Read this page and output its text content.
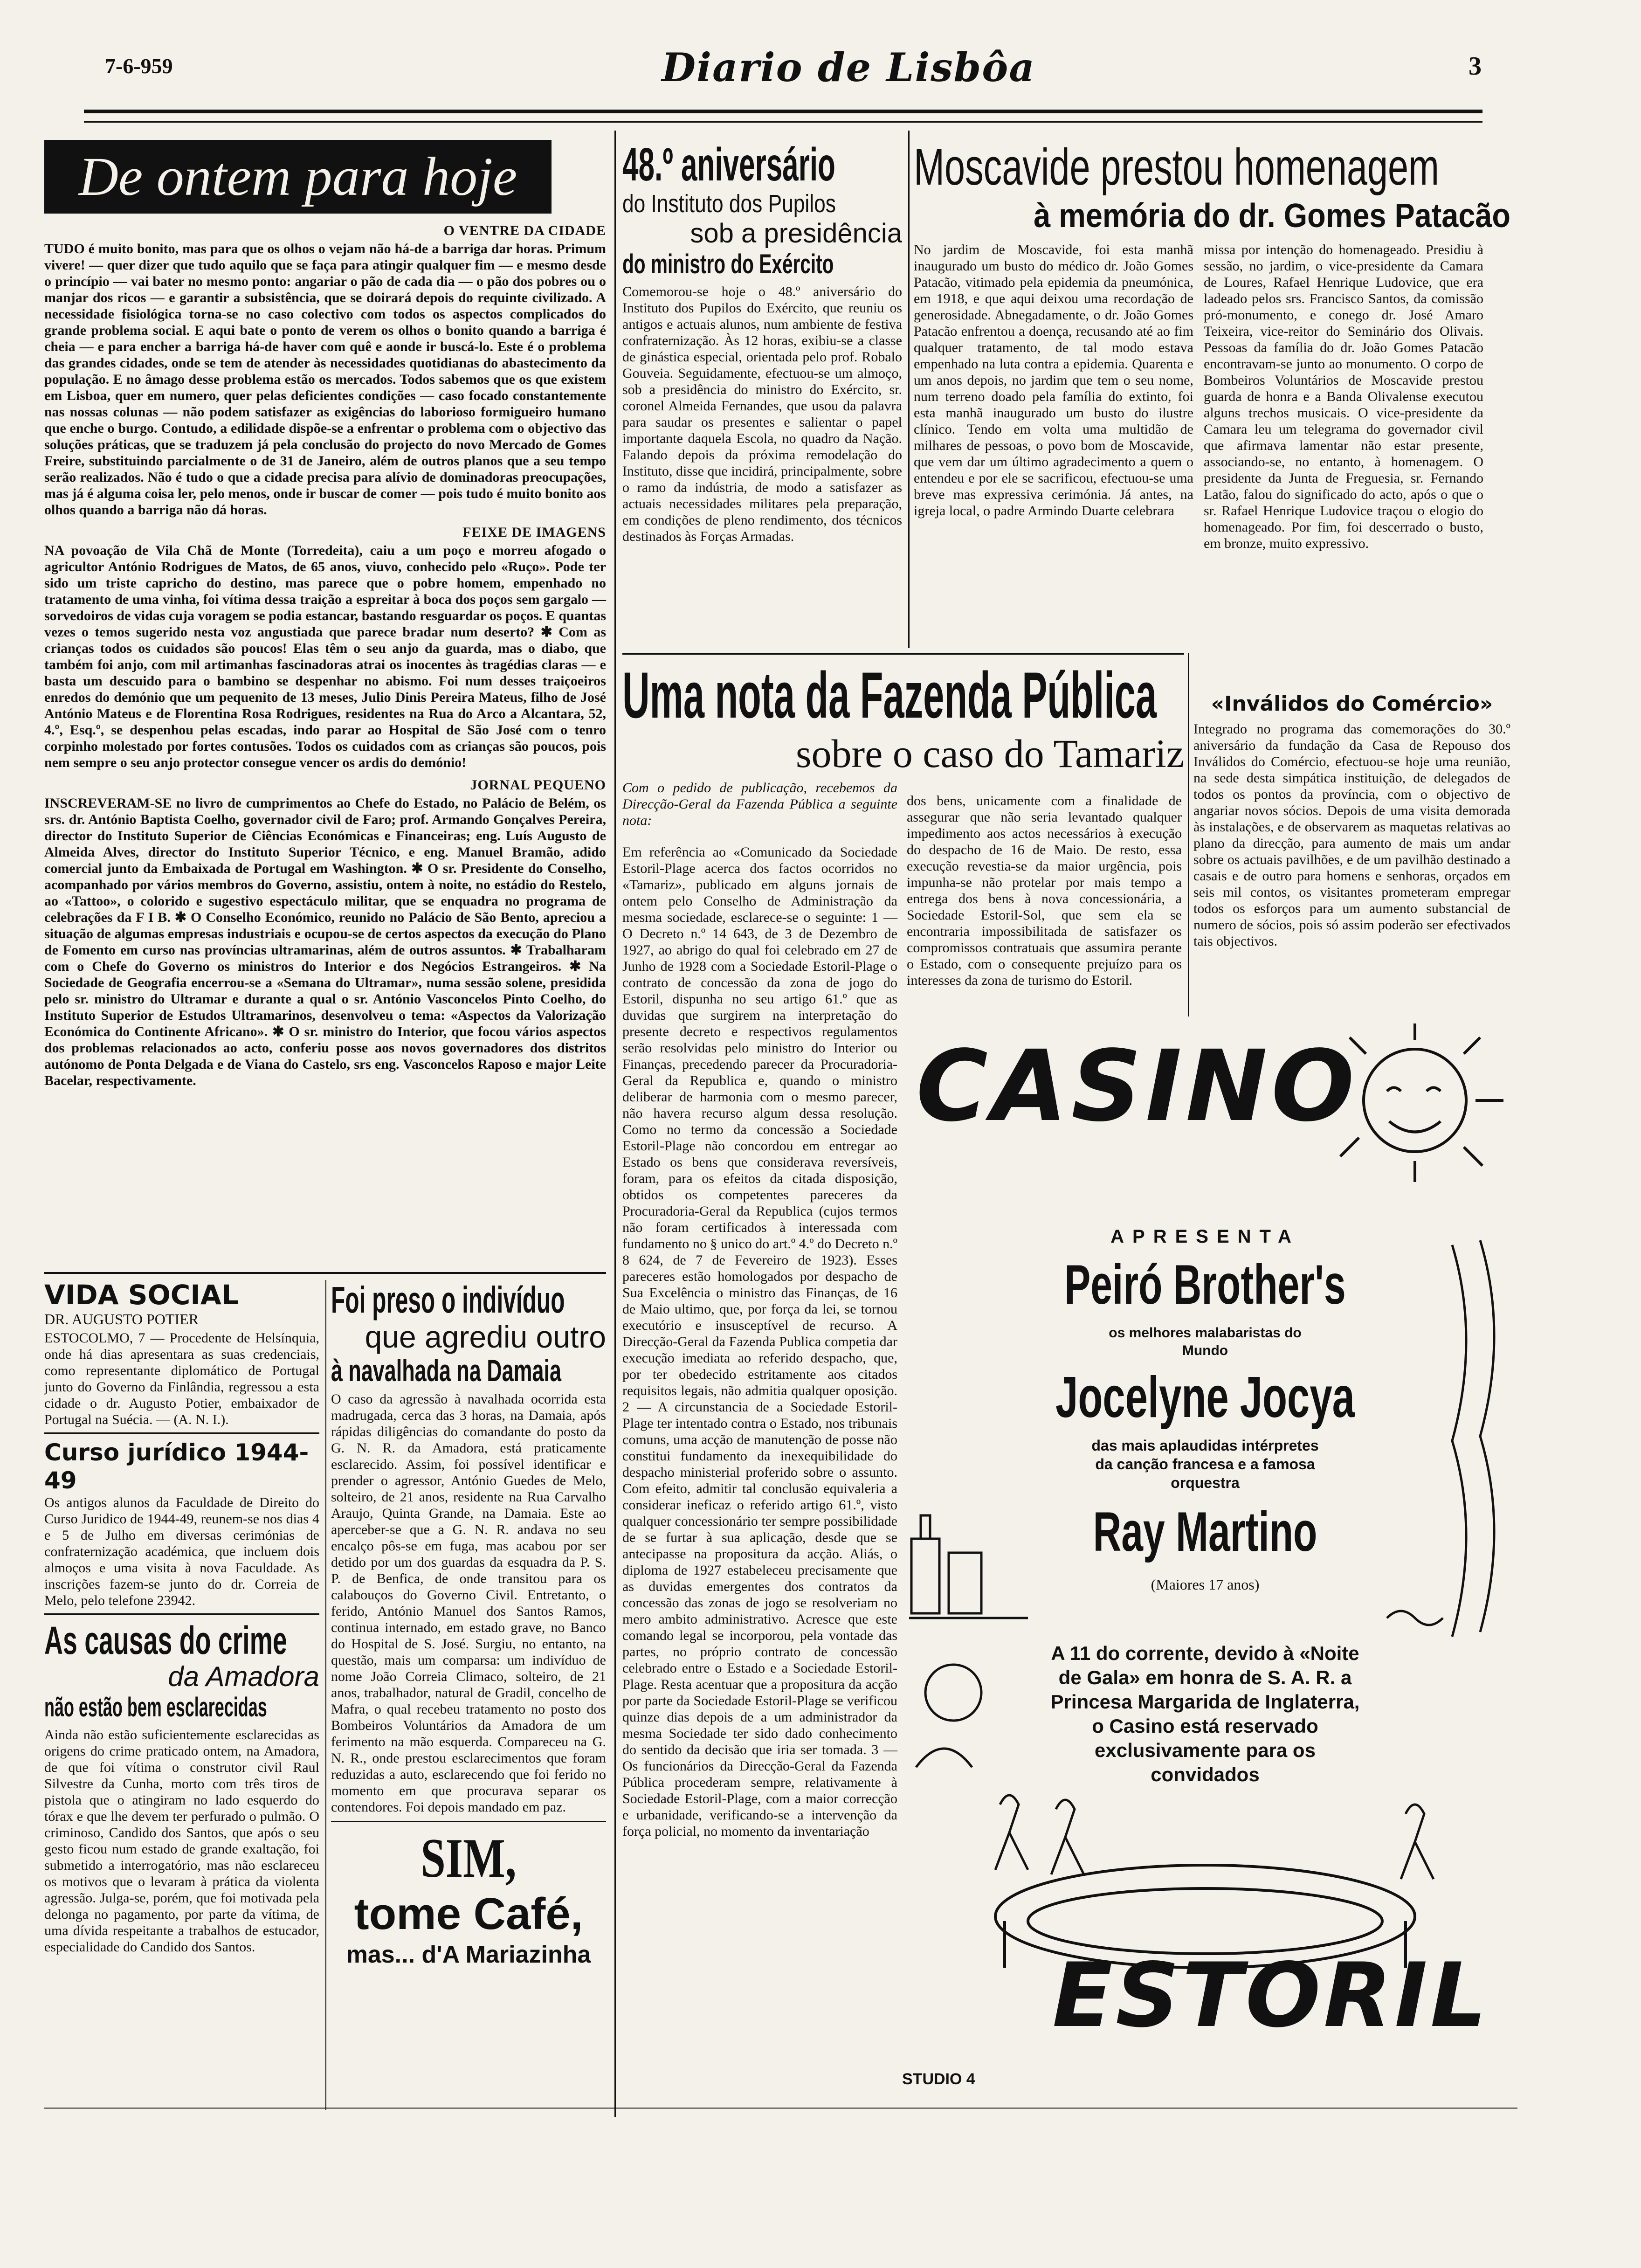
7-6-959	Diario de Lisbôa	3
De ontem para hoje
O VENTRE DA CIDADE
TUDO é muito bonito, mas para que os olhos o vejam não há-de a barriga dar horas. Primum vivere! — quer dizer que tudo aquilo que se faça para atingir qualquer fim — e mesmo desde o princípio — vai bater no mesmo ponto: angariar o pão de cada dia — o pão dos pobres ou o manjar dos ricos — e garantir a subsistência, que se doirará depois do requinte civilizado. A necessidade fisiológica torna-se no caso colectivo com todos os aspectos complicados do grande problema social. E aqui bate o ponto de verem os olhos o bonito quando a barriga é cheia — e para encher a barriga há-de haver com quê e aonde ir buscá-lo. Este é o problema das grandes cidades, onde se tem de atender às necessidades quotidianas do abastecimento da população. E no âmago desse problema estão os mercados. Todos sabemos que os que existem em Lisboa, quer em numero, quer pelas deficientes condições — caso focado constantemente nas nossas colunas — não podem satisfazer as exigências do laborioso formigueiro humano que enche o burgo. Contudo, a edilidade dispõe-se a enfrentar o problema com o objectivo das soluções práticas, que se traduzem já pela conclusão do projecto do novo Mercado de Gomes Freire, substituindo parcialmente o de 31 de Janeiro, além de outros planos que a seu tempo serão realizados. Não é tudo o que a cidade precisa para alívio de dominadoras preocupações, mas já é alguma coisa ler, pelo menos, onde ir buscar de comer — pois tudo é muito bonito aos olhos quando a barriga não dá horas.
FEIXE DE IMAGENS
NA povoação de Vila Chã de Monte (Torredeita), caiu a um poço e morreu afogado o agricultor António Rodrigues de Matos, de 65 anos, viuvo, conhecido pelo «Ruço». Pode ter sido um triste capricho do destino, mas parece que o pobre homem, empenhado no tratamento de uma vinha, foi vítima dessa traição a espreitar à boca dos poços sem gargalo — sorvedoiros de vidas cuja voragem se podia estancar, bastando resguardar os poços. E quantas vezes o temos sugerido nesta voz angustiada que parece bradar num deserto? ✱ Com as crianças todos os cuidados são poucos! Elas têm o seu anjo da guarda, mas o diabo, que também foi anjo, com mil artimanhas fascinadoras atrai os inocentes às tragédias claras — e basta um descuido para o bambino se despenhar no abismo. Foi num desses traiçoeiros enredos do demónio que um pequenito de 13 meses, Julio Dinis Pereira Mateus, filho de José António Mateus e de Florentina Rosa Rodrigues, residentes na Rua do Arco a Alcantara, 52, 4.º, Esq.º, se despenhou pelas escadas, indo parar ao Hospital de São José com o tenro corpinho molestado por fortes contusões. Todos os cuidados com as crianças são poucos, pois nem sempre o seu anjo protector consegue vencer os ardis do demónio!
JORNAL PEQUENO
INSCREVERAM-SE no livro de cumprimentos ao Chefe do Estado, no Palácio de Belém, os srs. dr. António Baptista Coelho, governador civil de Faro; prof. Armando Gonçalves Pereira, director do Instituto Superior de Ciências Económicas e Financeiras; eng. Luís Augusto de Almeida Alves, director do Instituto Superior Técnico, e eng. Manuel Bramão, adido comercial junto da Embaixada de Portugal em Washington. ✱ O sr. Presidente do Conselho, acompanhado por vários membros do Governo, assistiu, ontem à noite, no estádio do Restelo, ao «Tattoo», o colorido e sugestivo espectáculo militar, que se enquadra no programa de celebrações da F I B. ✱ O Conselho Económico, reunido no Palácio de São Bento, apreciou a situação de algumas empresas industriais e ocupou-se de certos aspectos da execução do Plano de Fomento em curso nas províncias ultramarinas, além de outros assuntos. ✱ Trabalharam com o Chefe do Governo os ministros do Interior e dos Negócios Estrangeiros. ✱ Na Sociedade de Geografia encerrou-se a «Semana do Ultramar», numa sessão solene, presidida pelo sr. ministro do Ultramar e durante a qual o sr. António Vasconcelos Pinto Coelho, do Instituto Superior de Estudos Ultramarinos, desenvolveu o tema: «Aspectos da Valorização Económica do Continente Africano». ✱ O sr. ministro do Interior, que focou vários aspectos dos problemas relacionados ao acto, conferiu posse aos novos governadores dos distritos autónomo de Ponta Delgada e de Viana do Castelo, srs eng. Vasconcelos Raposo e major Leite Bacelar, respectivamente.
VIDA SOCIAL
DR. AUGUSTO POTIER
ESTOCOLMO, 7 — Procedente de Helsínquia, onde há dias apresentara as suas credenciais, como representante diplomático de Portugal junto do Governo da Finlândia, regressou a esta cidade o dr. Augusto Potier, embaixador de Portugal na Suécia. — (A. N. I.).
Curso jurídico 1944-49
Os antigos alunos da Faculdade de Direito do Curso Juridico de 1944-49, reunem-se nos dias 4 e 5 de Julho em diversas cerimónias de confraternização académica, que incluem dois almoços e uma visita à nova Faculdade. As inscrições fazem-se junto do dr. Correia de Melo, pelo telefone 23942.
As causas do crime
da Amadora
não estão bem esclarecidas
Ainda não estão suficientemente esclarecidas as origens do crime praticado ontem, na Amadora, de que foi vítima o construtor civil Raul Silvestre da Cunha, morto com três tiros de pistola que o atingiram no lado esquerdo do tórax e que lhe devem ter perfurado o pulmão. O criminoso, Candido dos Santos, que após o seu gesto ficou num estado de grande exaltação, foi submetido a interrogatório, mas não esclareceu os motivos que o levaram à prática da violenta agressão. Julga-se, porém, que foi motivada pela delonga no pagamento, por parte da vítima, de uma dívida respeitante a trabalhos de estucador, especialidade do Candido dos Santos.
Foi preso o indivíduo
que agrediu outro
à navalhada na Damaia
O caso da agressão à navalhada ocorrida esta madrugada, cerca das 3 horas, na Damaia, após rápidas diligências do comandante do posto da G. N. R. da Amadora, está praticamente esclarecido. Assim, foi possível identificar e prender o agressor, António Guedes de Melo, solteiro, de 21 anos, residente na Rua Carvalho Araujo, Quinta Grande, na Damaia. Este ao aperceber-se que a G. N. R. andava no seu encalço pôs-se em fuga, mas acabou por ser detido por um dos guardas da esquadra da P. S. P. de Benfica, de onde transitou para os calabouços do Governo Civil. Entretanto, o ferido, António Manuel dos Santos Ramos, continua internado, em estado grave, no Banco do Hospital de S. José. Surgiu, no entanto, na questão, mais um comparsa: um indivíduo de nome João Correia Climaco, solteiro, de 21 anos, trabalhador, natural de Gradil, concelho de Mafra, o qual recebeu tratamento no posto dos Bombeiros Voluntários da Amadora de um ferimento na mão esquerda. Compareceu na G. N. R., onde prestou esclarecimentos que foram reduzidas a auto, esclarecendo que foi ferido no momento em que procurava separar os contendores. Foi depois mandado em paz.
SIM,
tome Café,
mas... d'A Mariazinha
48.º aniversário
do Instituto dos Pupilos
sob a presidência
do ministro do Exército
Comemorou-se hoje o 48.º aniversário do Instituto dos Pupilos do Exército, que reuniu os antigos e actuais alunos, num ambiente de festiva confraternização. Às 12 horas, exibiu-se a classe de ginástica especial, orientada pelo prof. Robalo Gouveia. Seguidamente, efectuou-se um almoço, sob a presidência do ministro do Exército, sr. coronel Almeida Fernandes, que usou da palavra para saudar os presentes e salientar o papel importante daquela Escola, no quadro da Nação. Falando depois da próxima remodelação do Instituto, disse que incidirá, principalmente, sobre o ramo da indústria, de modo a satisfazer as actuais necessidades militares pela preparação, em condições de pleno rendimento, dos técnicos destinados às Forças Armadas.
Moscavide prestou homenagem
à memória do dr. Gomes Patacão
No jardim de Moscavide, foi esta manhã inaugurado um busto do médico dr. João Gomes Patacão, vitimado pela epidemia da pneumónica, em 1918, e que aqui deixou uma recordação de generosidade. Abnegadamente, o dr. João Gomes Patacão enfrentou a doença, recusando até ao fim qualquer tratamento, de tal modo estava empenhado na luta contra a epidemia. Quarenta e um anos depois, no jardim que tem o seu nome, num terreno doado pela família do extinto, foi esta manhã inaugurado um busto do ilustre clínico. Tendo em volta uma multidão de milhares de pessoas, o povo bom de Moscavide, que vem dar um último agradecimento a quem o entendeu e por ele se sacrificou, efectuou-se uma breve mas expressiva cerimónia. Já antes, na igreja local, o padre Armindo Duarte celebrara
missa por intenção do homenageado. Presidiu à sessão, no jardim, o vice-presidente da Camara de Loures, Rafael Henrique Ludovice, que era ladeado pelos srs. Francisco Santos, da comissão pró-monumento, e conego dr. José Amaro Teixeira, vice-reitor do Seminário dos Olivais. Pessoas da família do dr. João Gomes Patacão encontravam-se junto ao monumento. O corpo de Bombeiros Voluntários de Moscavide prestou guarda de honra e a Banda Olivalense executou alguns trechos musicais. O vice-presidente da Camara leu um telegrama do governador civil que afirmava lamentar não estar presente, associando-se, no entanto, à homenagem. O presidente da Junta de Freguesia, sr. Fernando Latão, falou do significado do acto, após o que o sr. Rafael Henrique Ludovice traçou o elogio do homenageado. Por fim, foi descerrado o busto, em bronze, muito expressivo.
«Inválidos do Comércio»
Integrado no programa das comemorações do 30.º aniversário da fundação da Casa de Repouso dos Inválidos do Comércio, efectuou-se hoje uma reunião, na sede desta simpática instituição, de delegados de todos os pontos da província, com o objectivo de angariar novos sócios. Depois de uma visita demorada às instalações, e de observarem as maquetas relativas ao plano da direcção, para aumento de mais um andar sobre os actuais pavilhões, e de um pavilhão destinado a casais e de outro para homens e senhoras, orçados em seis mil contos, os visitantes prometeram empregar todos os esforços para um aumento substancial de numero de sócios, pois só assim poderão ser efectivados tais objectivos.
Uma nota da Fazenda Pública
sobre o caso do Tamariz
Com o pedido de publicação, recebemos da Direcção-Geral da Fazenda Pública a seguinte nota:
Em referência ao «Comunicado da Sociedade Estoril-Plage acerca dos factos ocorridos no «Tamariz», publicado em alguns jornais de ontem pelo Conselho de Administração da mesma sociedade, esclarece-se o seguinte: 1 — O Decreto n.º 14 643, de 3 de Dezembro de 1927, ao abrigo do qual foi celebrado em 27 de Junho de 1928 com a Sociedade Estoril-Plage o contrato de concessão da zona de jogo do Estoril, dispunha no seu artigo 61.º que as duvidas que surgirem na interpretação do presente decreto e respectivos regulamentos serão resolvidas pelo ministro do Interior ou Finanças, precedendo parecer da Procuradoria-Geral da Republica e, quando o ministro deliberar de harmonia com o mesmo parecer, não havera recurso algum dessa resolução. Como no termo da concessão a Sociedade Estoril-Plage não concordou em entregar ao Estado os bens que considerava reversíveis, foram, para os efeitos da citada disposição, obtidos os competentes pareceres da Procuradoria-Geral da Republica (cujos termos não foram certificados à interessada com fundamento no § unico do art.º 4.º do Decreto n.º 8 624, de 7 de Fevereiro de 1923). Esses pareceres estão homologados por despacho de Sua Excelência o ministro das Finanças, de 16 de Maio ultimo, que, por força da lei, se tornou executório e insusceptível de recurso. A Direcção-Geral da Fazenda Publica competia dar execução imediata ao referido despacho, que, por ter obedecido estritamente aos citados requisitos legais, não admitia qualquer oposição. 2 — A circunstancia de a Sociedade Estoril-Plage ter intentado contra o Estado, nos tribunais comuns, uma acção de manutenção de posse não constitui fundamento da inexequibilidade do despacho ministerial proferido sobre o assunto. Com efeito, admitir tal conclusão equivaleria a considerar ineficaz o referido artigo 61.º, visto qualquer concessionário ter sempre possibilidade de se furtar à sua aplicação, desde que se antecipasse na propositura da acção. Aliás, o diploma de 1927 estabeleceu precisamente que as duvidas emergentes dos contratos da concessão das zonas de jogo se resolveriam no mero ambito administrativo. Acresce que este comando legal se incorporou, pela vontade das partes, no próprio contrato de concessão celebrado entre o Estado e a Sociedade Estoril-Plage. Resta acentuar que a propositura da acção por parte da Sociedade Estoril-Plage se verificou quinze dias depois de a um administrador da mesma Sociedade ter sido dado conhecimento do sentido da decisão que iria ser tomada. 3 — Os funcionários da Direcção-Geral da Fazenda Pública procederam sempre, relativamente à Sociedade Estoril-Plage, com a maior correcção e urbanidade, verificando-se a intervenção da força policial, no momento da inventariação
dos bens, unicamente com a finalidade de assegurar que não seria levantado qualquer impedimento aos actos necessários à execução do despacho de 16 de Maio. De resto, essa execução revestia-se da maior urgência, pois impunha-se não protelar por mais tempo a entrega dos bens à nova concessionária, a Sociedade Estoril-Sol, que sem ela se encontraria impossibilitada de satisfazer os compromissos contratuais que assumira perante o Estado, com o consequente prejuízo para os interesses da zona de turismo do Estoril.
CASINO
APRESENTA
Peiró Brother's
os melhores malabaristas do Mundo
Jocelyne Jocya
das mais aplaudidas intérpretes da canção francesa e a famosa orquestra
Ray Martino
(Maiores 17 anos)
A 11 do corrente, devido à «Noite de Gala» em honra de S. A. R. a Princesa Margarida de Inglaterra, o Casino está reservado exclusivamente para os convidados
ESTORIL
STUDIO 4
